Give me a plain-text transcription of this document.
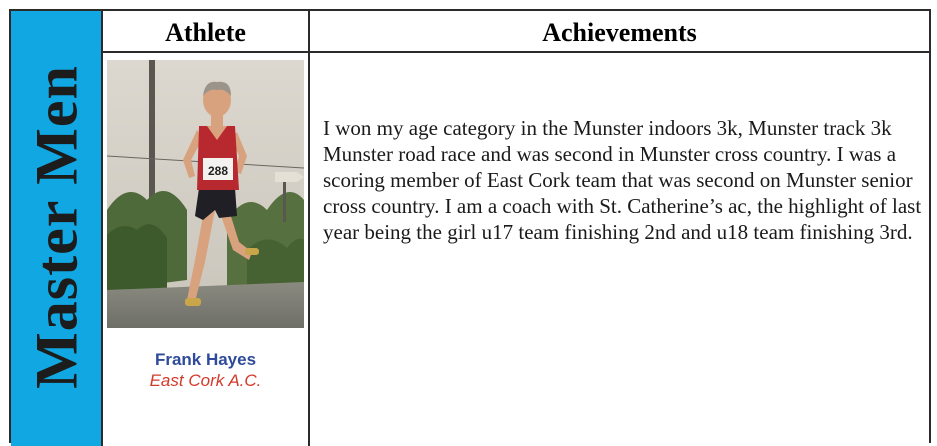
Master Men
Athlete	Achievements
288
Frank Hayes
East Cork A.C.
I won my age category in the Munster indoors 3k, Munster track 3k Munster road race and was second in Munster cross country. I was a scoring member of East Cork team that was second on Munster senior cross country. I am a coach with St. Catherine’s ac, the highlight of last year being the girl u17 team finishing 2nd and u18 team finishing 3rd.
